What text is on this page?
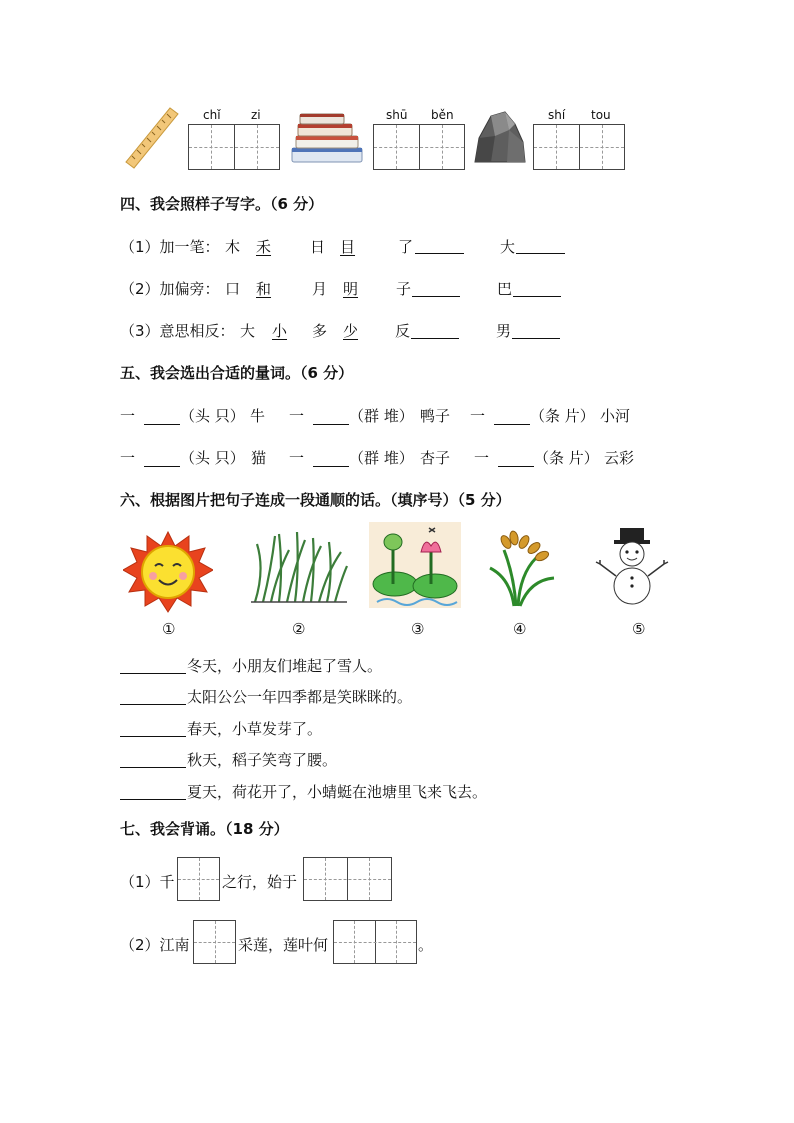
chǐ	zi	shū běn	shí tou
四、我会照样子写字。（6 分）
（1）加一笔： 木 禾	日 目	了	大
（2）加偏旁： 口 和	月 明	子	巴
（3）意思相反： 大 小 多 少 反	男
五、我会选出合适的量词。（6 分）
一	（头 只） 牛 一	（群 堆） 鸭子 一	（条 片） 小河
一	（头 只） 猫 一	（群 堆） 杏子 一	（条 片） 云彩
六、根据图片把句子连成一段通顺的话。（填序号）（5 分）
①	②	③	④	⑤
冬天，小朋友们堆起了雪人。
太阳公公一年四季都是笑眯眯的。
春天，小草发芽了。
秋天，稻子笑弯了腰。
夏天，荷花开了，小蜻蜓在池塘里飞来飞去。
七、我会背诵。（18 分）
（1）千	之行，始于
（2）江南	采莲，莲叶何	。
